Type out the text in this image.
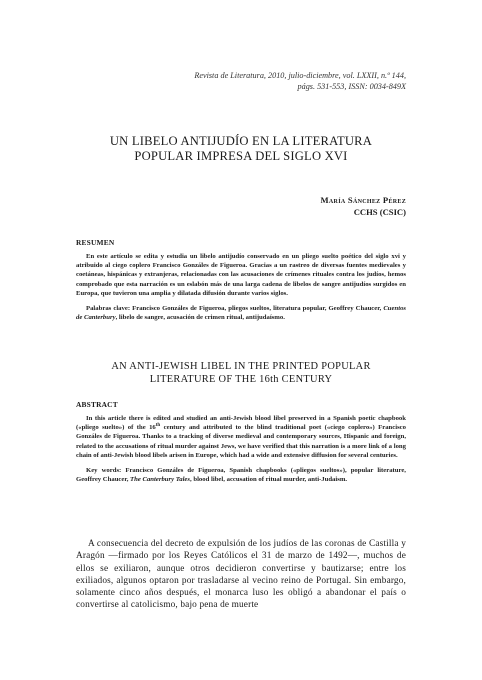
Revista de Literatura, 2010, julio-diciembre, vol. LXXII, n.º 144,
págs. 531-553, ISSN: 0034-849X
UN LIBELO ANTIJUDÍO EN LA LITERATURA
POPULAR IMPRESA DEL SIGLO XVI
María Sánchez Pérez
CCHS (CSIC)
RESUMEN

En este artículo se edita y estudia un libelo antijudío conservado en un pliego suelto poético del siglo xvi y atribuido al ciego coplero Francisco Gonzáles de Figueroa. Gracias a un rastreo de diversas fuentes medievales y coetáneas, hispánicas y extranjeras, relacionadas con las acusaciones de crímenes rituales contra los judíos, hemos comprobado que esta narración es un eslabón más de una larga cadena de libelos de sangre antijudíos surgidos en Europa, que tuvieron una amplia y dilatada difusión durante varios siglos.

Palabras clave: Francisco Gonzáles de Figueroa, pliegos sueltos, literatura popular, Geoffrey Chaucer, Cuentos de Canterbury, libelo de sangre, acusación de crimen ritual, antijudaísmo.

AN ANTI-JEWISH LIBEL IN THE PRINTED POPULAR
LITERATURE OF THE 16th CENTURY
ABSTRACT

In this article there is edited and studied an anti-Jewish blood libel preserved in a Spanish poetic chapbook («pliego suelto») of the 16th century and attributed to the blind traditional poet («ciego coplero») Francisco Gonzáles de Figueroa. Thanks to a tracking of diverse medieval and contemporary sources, Hispanic and foreign, related to the accusations of ritual murder against Jews, we have verified that this narration is a more link of a long chain of anti-Jewish blood libels arisen in Europe, which had a wide and extensive diffusion for several centuries.

Key words: Francisco Gonzáles de Figueroa, Spanish chapbooks («pliegos sueltos»), popular literature, Geoffrey Chaucer, The Canterbury Tales, blood libel, accusation of ritual murder, anti-Judaism.

A consecuencia del decreto de expulsión de los judíos de las coronas de Castilla y Aragón —firmado por los Reyes Católicos el 31 de marzo de 1492—, muchos de ellos se exiliaron, aunque otros decidieron convertirse y bautizarse; entre los exiliados, algunos optaron por trasladarse al vecino reino de Portugal. Sin embargo, solamente cinco años después, el monarca luso les obligó a abandonar el país o convertirse al catolicismo, bajo pena de muerte
